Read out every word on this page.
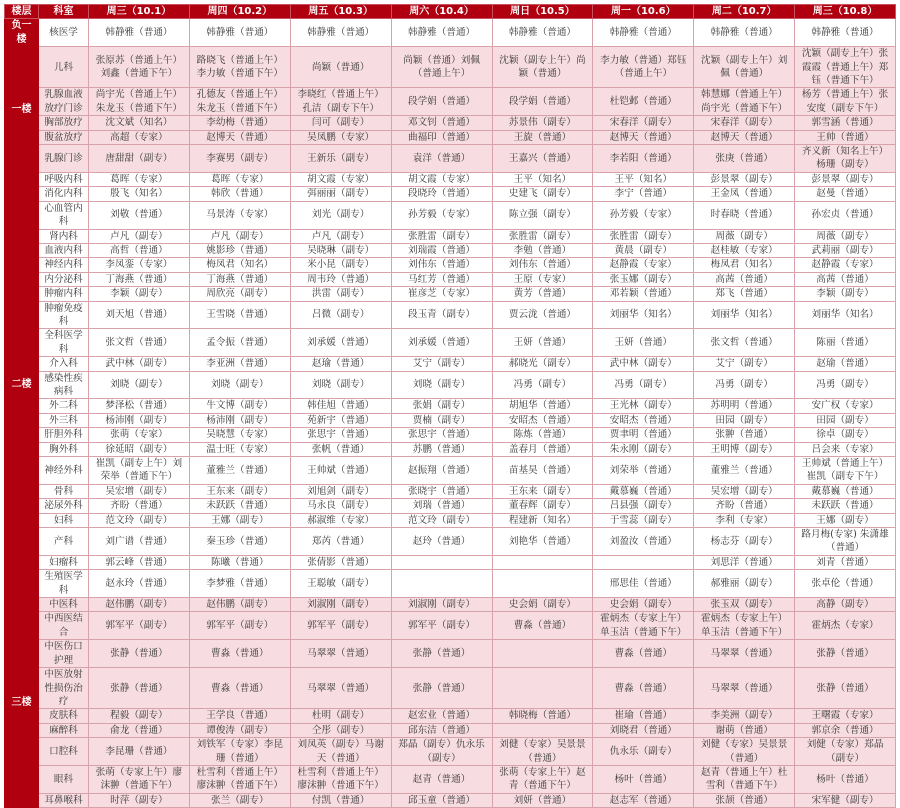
楼层	科室	周三（10.1）	周四（10.2）	周五（10.3）	周六（10.4）	周日（10.5）	周一（10.6）	周二（10.7）	周三（10.8）
负一楼	核医学	韩静雅（普通）	韩静雅（普通）	韩静雅（普通）	韩静雅（普通）	韩静雅（普通）	韩静雅（普通）	韩静雅（普通）	韩静雅（普通）
一楼	儿科	张原苏（普通上午）刘鑫（普通下午）	路晓飞（普通上午）李力敏（普通下午）	尚颖（普通）	尚颖（普通）刘佩（普通上午）	沈颖（副专上午）尚颖（普通）	李力敏（普通）郑钰（普通上午）	沈颖（副专上午）刘佩（普通）	沈颖（副专上午）张霞霞（普通上午）郑钰（普通下午）
	乳腺血液放疗门诊	尚宇光（普通上午）朱龙玉（普通下午）	孔德友（普通上午）朱龙玉（普通下午）	李晓红（普通上午）孔洁（副专下午）	段学娟（普通）	段学娟（普通）	杜铠邺（普通）	韩慧娜（普通上午）尚宇光（普通下午）	杨芳（普通上午）张安度（副专下午）
	胸部放疗	沈文斌（知名）	李幼梅（普通）	闫可（副专）	邓文钊（普通）	苏景伟（副专）	宋春洋（副专）	宋春洋（副专）	郭雪涵（普通）
	腹盆放疗	高超（专家）	赵博天（普通）	吴凤鹏（专家）	曲福印（普通）	王旋（普通）	赵博天（普通）	赵博天（普通）	王帅（普通）
	乳腺门诊	唐甜甜（副专）	李赛男（副专）	王新乐（副专）	袁洋（普通）	王嘉兴（普通）	李若阳（普通）	张庚（普通）	齐义新（知名上午）杨珊（副专）
二楼	呼吸内科	葛晖（专家）	葛晖（专家）	胡文霞（专家）	胡文霞（专家）	王平（知名）	王平（知名）	彭景翠（副专）	彭景翠（副专）
	消化内科	殷飞（知名）	韩欣（普通）	弭丽丽（副专）	段晓玲（普通）	史建飞（副专）	李宁（普通）	王金凤（普通）	赵曼（普通）
	心血管内科	刘敬（普通）	马景涛（专家）	刘光（副专）	孙芳毅（专家）	陈立强（副专）	孙芳毅（专家）	时春晓（普通）	孙宏贞（普通）
	肾内科	卢凡（副专）	卢凡（副专）	卢凡（副专）	张胜雷（副专）	张胜雷（副专）	张胜雷（副专）	周薇（副专）	周薇（副专）
	血液内科	高哲（普通）	姚影珍（普通）	吴晓琳（副专）	刘瑞霞（普通）	李勉（普通）	黄晨（副专）	赵桂敏（专家）	武莉丽（副专）
	神经内科	李凤銮（专家）	梅凤君（知名）	米小昆（副专）	刘伟东（普通）	刘伟东（普通）	赵静霞（专家）	梅凤君（知名）	赵静霞（专家）
	内分泌科	丁海燕（普通）	丁海燕（普通）	周韦玲（普通）	马红芳（普通）	王原（专家）	张玉娜（副专）	高茜（普通）	高茜（普通）
	肿瘤内科	李颖（副专）	周欣亮（副专）	洪雷（副专）	崔彦芝（专家）	黄芳（普通）	邓若颖（普通）	郑飞（普通）	李颖（副专）
	肿瘤免疫科	刘天旭（普通）	王雪晓（普通）	吕微（副专）	段玉青（副专）	贾云泷（普通）	刘丽华（知名）	刘丽华（知名）	刘丽华（知名）
	全科医学科	张文哲（普通）	孟令振（普通）	刘承媛（普通）	刘承媛（普通）	王妍（普通）	王妍（普通）	张文哲（普通）	陈丽（普通）
	介入科	武中林（副专）	李亚洲（普通）	赵瑜（普通）	艾宁（副专）	郝晓光（副专）	武中林（副专）	艾宁（副专）	赵瑜（普通）
	感染性疾病科	刘晓（副专）	刘晓（副专）	刘晓（副专）	刘晓（副专）	冯勇（副专）	冯勇（副专）	冯勇（副专）	冯勇（副专）
	外二科	梦泽松（普通）	牛文博（副专）	韩佳旭（普通）	张娟（副专）	胡旭华（普通）	王光林（副专）	苏明明（普通）	安广权（专家）
	外三科	杨沛刚（副专）	杨沛刚（副专）	苑新宇（普通）	贾楠（副专）	安昭杰（普通）	安昭杰（普通）	田园（副专）	田园（副专）
	肝胆外科	张萌（专家）	吴晓慧（专家）	张思宇（普通）	张思宇（普通）	陈炼（普通）	贾聿明（普通）	张翀（普通）	徐卓（副专）
	胸外科	徐延昭（副专）	温士旺（专家）	张帆（普通）	苏鹏（普通）	盖春月（普通）	朱永刚（副专）	王明博（副专）	吕会来（专家）
	神经外科	崔凯（副专上午）刘荣举（普通下午）	董雅兰（普通）	王帅斌（普通）	赵振翔（普通）	苗基昊（普通）	刘荣举（普通）	董雅兰（普通）	王帅斌（普通上午）崔凯（副专下午）
	骨科	吴宏增（副专）	王东来（副专）	刘旭剑（副专）	张晓宇（普通）	王东来（副专）	戴慕巍（普通）	吴宏增（副专）	戴慕巍（普通）
	泌尿外科	齐盼（普通）	未跃跃（普通）	马永良（副专）	刘瑞（普通）	董春辉（副专）	吕县强（副专）	齐盼（普通）	未跃跃（普通）
	妇科	范文玲（副专）	王娜（副专）	郝淑维（专家）	范文玲（副专）	程建新（知名）	于雪蕊（副专）	李利（专家）	王娜（副专）
	产科	刘广谱（普通）	秦玉珍（普通）	郑芮（普通）	赵玲（普通）	刘艳华（普通）	刘盈汝（普通）	杨志芬（副专）	路月梅(专家) 朱潇雄（普通）
	妇瘤科	郭云峰（普通）	陈曦（普通）	张倩影（普通）				刘思洋（普通）	刘青（普通）
	生殖医学科	赵永玲（普通）	李梦雅（普通）	王聪敏（副专）			邢思佳（普通）	郝雅丽（副专）	张卓伦（普通）
三楼	中医科	赵伟鹏（副专）	赵伟鹏（副专）	刘淑刚（副专）	刘淑刚（副专）	史会娟（副专）	史会娟（副专）	张玉双（副专）	高静（副专）
	中西医结合	郭军平（副专）	郭军平（副专）	郭军平（副专）	郭军平（副专）	曹淼（普通）	霍炳杰（专家上午）单玉洁（普通下午）	霍炳杰（专家上午）单玉洁（普通下午）	霍炳杰（专家）
	中医伤口护理	张静（普通）	曹淼（普通）	马翠翠（普通）	张静（普通）		曹淼（普通）	马翠翠（普通）	张静（普通）
	中医放射性损伤治疗	张静（普通）	曹淼（普通）	马翠翠（普通）	张静（普通）		曹淼（普通）	马翠翠（普通）	张静（普通）
	皮肤科	程毅（副专）	王学良（普通）	杜明（副专）	赵宏业（普通）	韩晓梅（普通）	崔瑜（普通）	李美洲（副专）	王曙霞（专家）
	麻醉科	俞龙（普通）	谭俊涛（副专）	仝彤（副专）	邱东洁（普通）		刘晓君（普通）	谢萌（普通）	郭京余（普通）
	口腔科	李昆珊（普通）	刘铁军（专家）李昆珊（普通）	刘凤英（副专）马谢天（普通）	郑晶（副专）仇永乐（副专）	刘健（专家）吴景景（普通）	仇永乐（副专）	刘健（专家）吴景景（普通）	刘健（专家）郑晶（副专）
	眼科	张萌（专家上午）廖沫翀（普通下午）	杜雪利（普通上午）廖沫翀（普通下午）	杜雪利（普通上午）廖沫翀（普通下午）	赵青（普通）	张萌（专家上午）赵青（普通下午）	杨叶（普通）	赵青（普通上午）杜雪利（普通下午）	杨叶（普通）
	耳鼻喉科	时萍（副专）	张兰（副专）	付凯（普通）	邱玉童（普通）	刘妍（普通）	赵志军（普通）	张颉（普通）	宋军健（副专）
